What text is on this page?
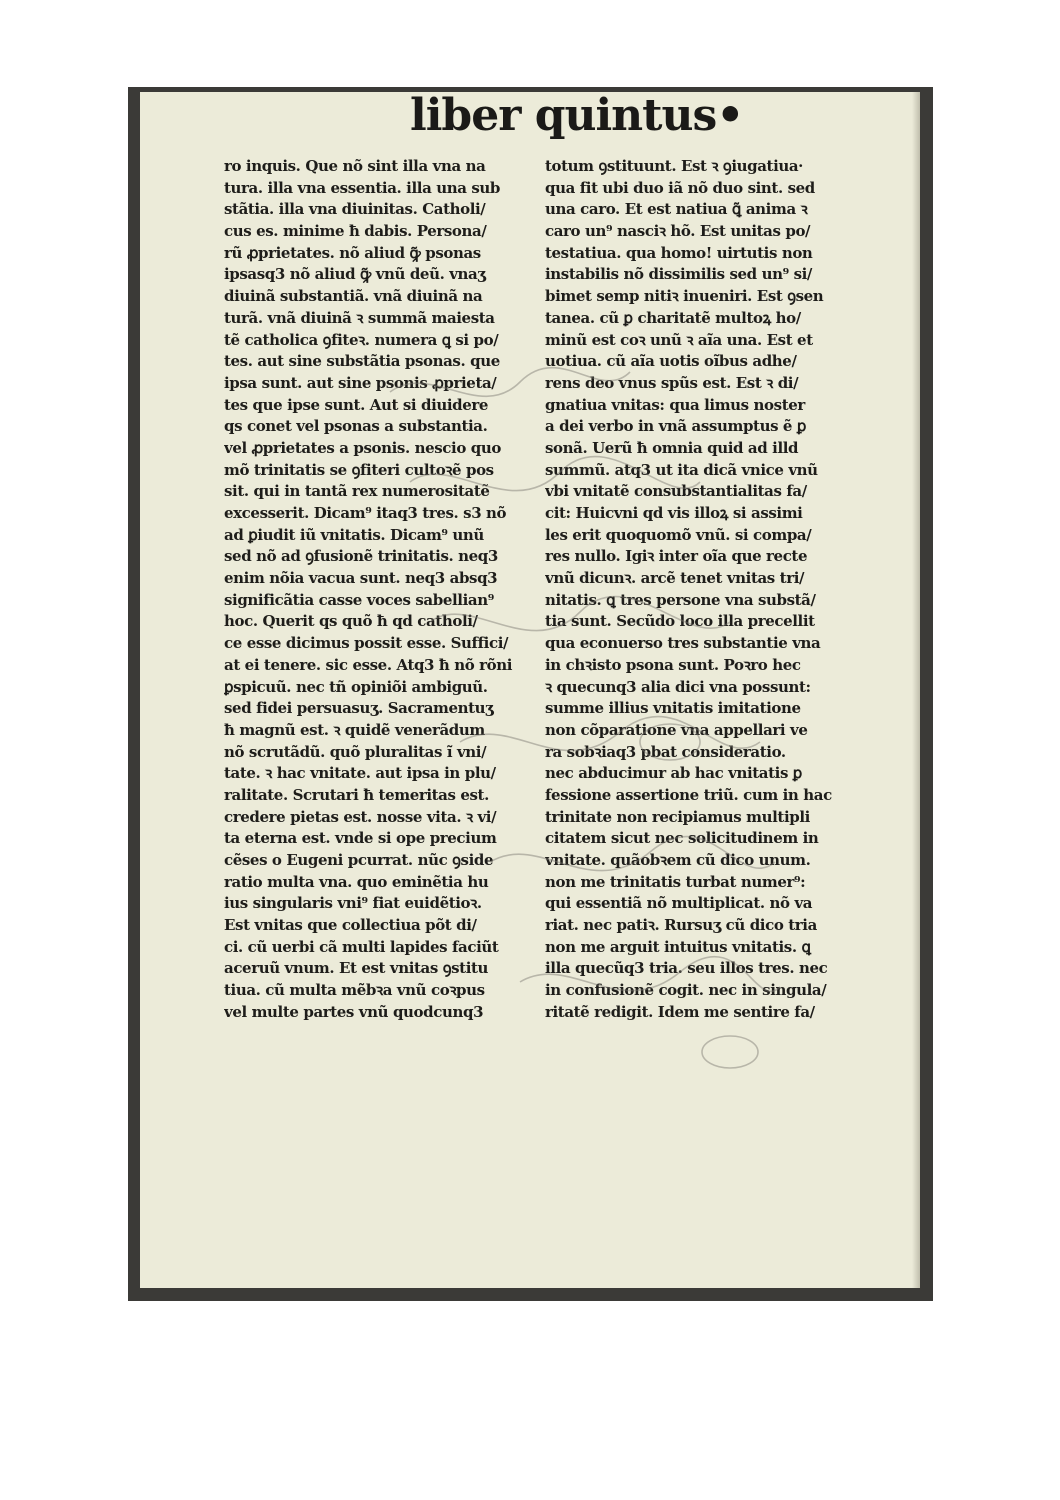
liber quintus•
ro inquis. Que nõ sint illa vna na
tura. illa vna essentia. illa una sub
stãtia. illa vna diuinitas. Catholi/
cus es. minime ħ dabis. Persona/
rũ ꝓprietates. nõ aliud ꝙ̃ psonas
ipsasq3 nõ aliud ꝙ̃ vnũ deũ. vnaʒ
diuinã substantiã. vnã diuinã na
turã. vnã diuinã ꝛ summã maiesta
tẽ catholica ꝯfiteꝛ. numera ꝗ si po/
tes. aut sine substãtia psonas. que
ipsa sunt. aut sine psonis ꝓprieta/
tes que ipse sunt. Aut si diuidere
qs conet vel psonas a substantia.
vel ꝓprietates a psonis. nescio quo
mõ trinitatis se ꝯfiteri cultoꝛẽ pos
sit. qui in tantã rex numerositatẽ
excesserit. Dicam⁹ itaq3 tres. s3 nõ
ad ꝑiudit iũ vnitatis. Dicam⁹ unũ
sed nõ ad ꝯfusionẽ trinitatis. neq3
enim nõia vacua sunt. neq3 absq3
significãtia casse voces sabellian⁹
hoc. Querit qs quõ ħ qd catholi/
ce esse dicimus possit esse. Suffici/
at ei tenere. sic esse. Atq3 ħ nõ rõni
ꝑspicuũ. nec tñ opiniõi ambiguũ.
sed fidei persuasuʒ. Sacramentuʒ
ħ magnũ est. ꝛ quidẽ venerãdum
nõ scrutãdũ. quõ pluralitas ĩ vni/
tate. ꝛ hac vnitate. aut ipsa in plu/
ralitate. Scrutari ħ temeritas est.
credere pietas est. nosse vita. ꝛ vi/
ta eterna est. vnde si ope precium
cẽses o Eugeni pcurrat. nũc ꝯside
ratio multa vna. quo eminẽtia hu
ius singularis vni⁹ fiat euidẽtioꝛ.
Est vnitas que collectiua põt di/
ci. cũ uerbi cã multi lapides faciũt
aceruũ vnum. Et est vnitas ꝯstitu
tiua. cũ multa mẽbꝛa vnũ coꝛpus
vel multe partes vnũ quodcunq3
totum ꝯstituunt. Est ꝛ ꝯiugatiua·
qua fit ubi duo iã nõ duo sint. sed
una caro. Et est natiua ꝗ̃ anima ꝛ
caro un⁹ nasciꝛ hõ. Est unitas po/
testatiua. qua homo! uirtutis non
instabilis nõ dissimilis sed un⁹ si/
bimet semp nitiꝛ inueniri. Est ꝯsen
tanea. cũ ꝑ charitatẽ multoꝝ ho/
minũ est coꝛ unũ ꝛ aĩa una. Est et
uotiua. cũ aĩa uotis oĩbus adhe/
rens deo vnus spũs est. Est ꝛ di/
gnatiua vnitas: qua limus noster
a dei verbo in vnã assumptus ẽ ꝑ
sonã. Uerũ ħ omnia quid ad illd
summũ. atq3 ut ita dicã vnice vnũ
vbi vnitatẽ consubstantialitas fa/
cit: Huicvni qd vis illoꝝ si assimi
les erit quoquomõ vnũ. si compa/
res nullo. Igiꝛ inter oĩa que recte
vnũ dicunꝛ. arcẽ tenet vnitas tri/
nitatis. ꝗ tres persone vna substã/
tia sunt. Secũdo loco illa precellit
qua econuerso tres substantie vna
in chꝛisto psona sunt. Poꝛro hec
ꝛ quecunq3 alia dici vna possunt:
summe illius vnitatis imitatione
non cõparatione vna appellari ve
ra sobꝛiaq3 pbat consideratio.
nec abducimur ab hac vnitatis ꝑ
fessione assertione triũ. cum in hac
trinitate non recipiamus multipli
citatem sicut nec solicitudinem in
vnitate. quãobꝛem cũ dico unum.
non me trinitatis turbat numer⁹:
qui essentiã nõ multiplicat. nõ va
riat. nec patiꝛ. Rursuʒ cũ dico tria
non me arguit intuitus vnitatis. ꝗ
illa quecũq3 tria. seu illos tres. nec
in confusionẽ cogit. nec in singula/
ritatẽ redigit. Idem me sentire fa/
